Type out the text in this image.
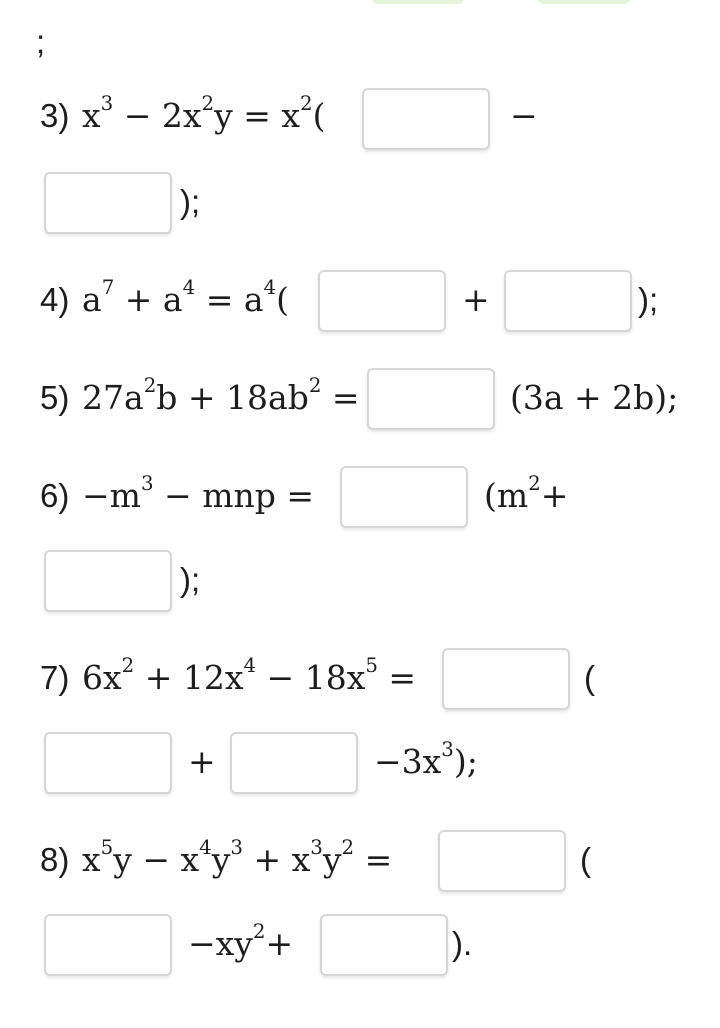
;
3) $x^3 - 2x^2y = x^2$(	−
);
4) $a^7 + a^4 = a^4$(	+	);
5) $27a^2b + 18ab^2$ =	(3a + 2b);
$6) -m^3$ − mnp =	($m^2+$
);
7) $6x^2 + 12x^4 - 18x^5$ =	(
+	$-3x^3$);
8) $x^5y - x^4y^3 + x^3y^2$ =	(
$-xy^2+$	).
